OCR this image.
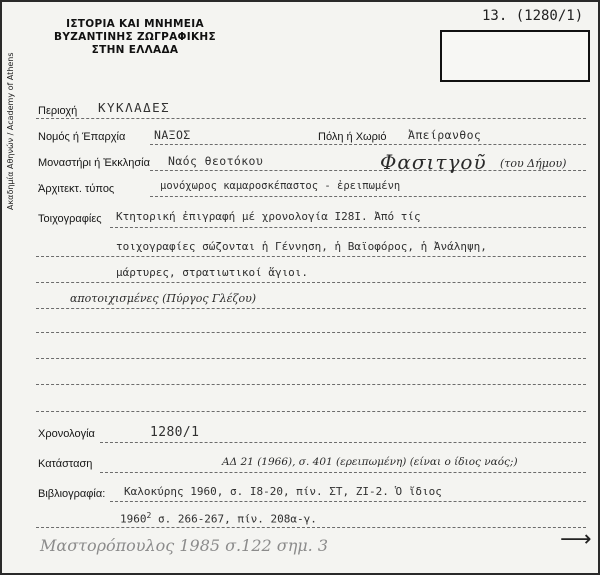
ΙΣΤΟΡΙΑ ΚΑΙ ΜΝΗΜΕΙΑ
ΒΥΖΑΝΤΙΝΗΣ ΖΩΓΡΑΦΙΚΗΣ
ΣΤΗΝ ΕΛΛΑΔΑ
Ακαδημία Αθηνών / Academy of Athens
13. (1280/1)
Περιοχή ΚΥΚΛΑΔΕΣ
Νομός ή Έπαρχία ΝΑΞΟΣ	Πόλη ή Χωριό Ἀπείρανθος
Μοναστήρι ή Ἐκκλησία Ναός θεοτόκου	Φασιτγοῦ (του Δήμου)
Ἀρχιτεκτ. τύπος	μονόχωρος καμαροσκέπαστος - ἐρειπωμένη
Τοιχογραφίες Κτητορική ἐπιγραφή μέ χρονολογία Ι28Ι. Ἀπό τίς
τοιχογραφίες σώζονται ἡ Γέννηση, ἡ Βαϊοφόρος, ἡ Ἀνάληψη,
μάρτυρες, στρατιωτικοί ἅγιοι.
αποτοιχισμένες (Πύργος Γλέζου)
Χρονολογία	1280/1
Κατάσταση	ΑΔ 21 (1966), σ. 401 (ερειπωμένη) (είναι ο ίδιος ναός;)
Βιβλιογραφία: Καλοκύρης 1960, σ. Ι8-20, πίν. ΣΤ, ΖΙ-2. Ὁ ἴδιος
1960$^2$ σ. 266-267, πίν. 208α-γ.
Μαστορόπουλος 1985 σ.122 σημ. 3	⟶
